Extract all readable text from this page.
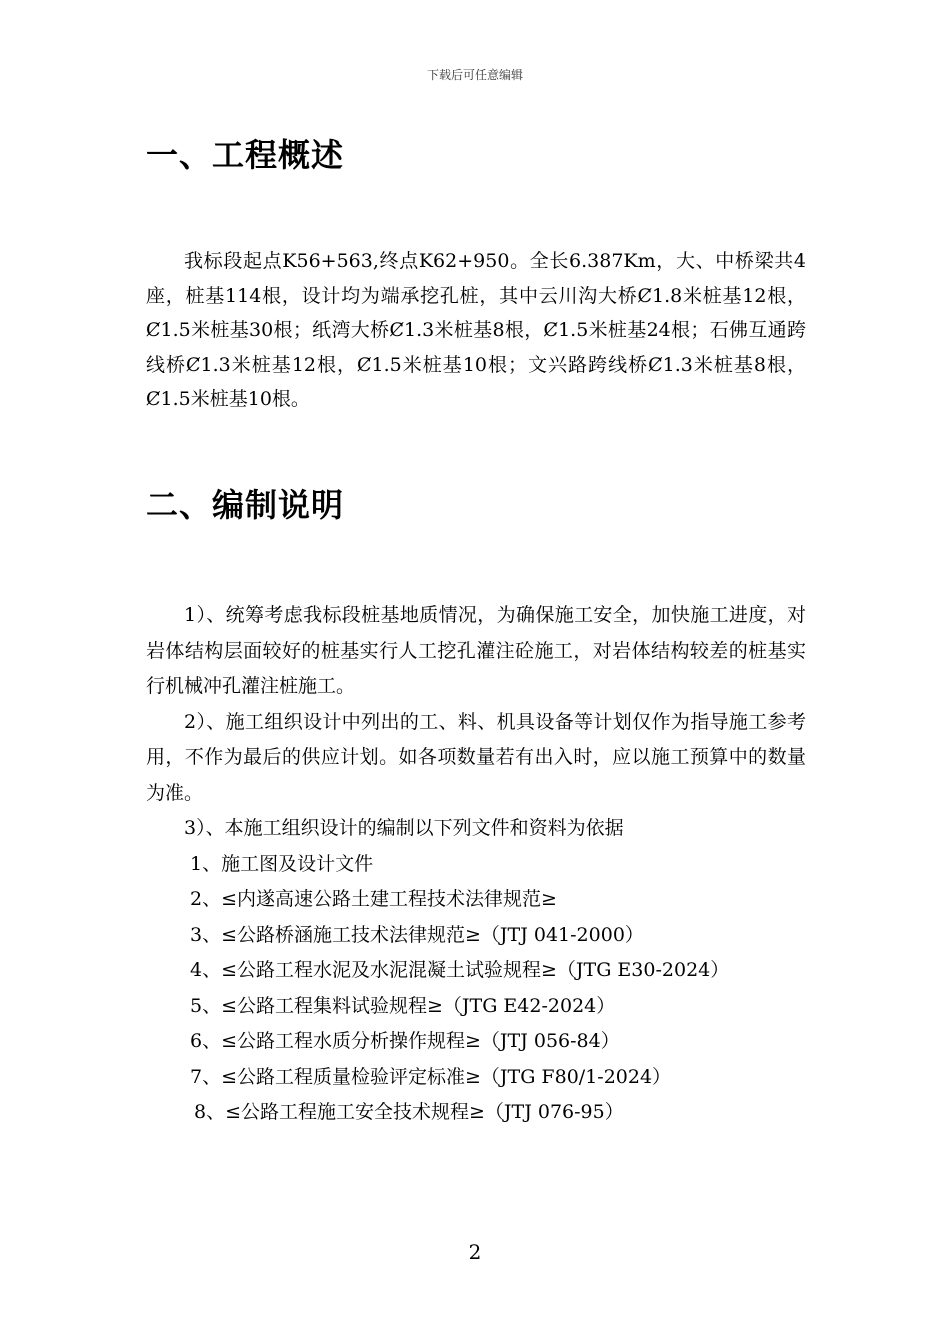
下载后可任意编辑
一、工程概述

我标段起点K56+563,终点K62+950。全长6.387Km，大、中桥梁共4座，桩基114根，设计均为端承挖孔桩，其中云川沟大桥Ȼ1.8米桩基12根，Ȼ1.5米桩基30根；纸湾大桥Ȼ1.3米桩基8根，Ȼ1.5米桩基24根；石佛互通跨线桥Ȼ1.3米桩基12根，Ȼ1.5米桩基10根；文兴路跨线桥Ȼ1.3米桩基8根，Ȼ1.5米桩基10根。

二、编制说明
1）、统筹考虑我标段桩基地质情况，为确保施工安全，加快施工进度，对岩体结构层面较好的桩基实行人工挖孔灌注砼施工，对岩体结构较差的桩基实行机械冲孔灌注桩施工。
2）、施工组织设计中列出的工、料、机具设备等计划仅作为指导施工参考用，不作为最后的供应计划。如各项数量若有出入时，应以施工预算中的数量为准。
3）、本施工组织设计的编制以下列文件和资料为依据
1、施工图及设计文件
2、≤内遂高速公路土建工程技术法律规范≥
3、≤公路桥涵施工技术法律规范≥（JTJ 041-2000）
4、≤公路工程水泥及水泥混凝土试验规程≥（JTG E30-2024）
5、≤公路工程集料试验规程≥（JTG E42-2024）
6、≤公路工程水质分析操作规程≥（JTJ 056-84）
7、≤公路工程质量检验评定标准≥（JTG F80/1-2024）
8、≤公路工程施工安全技术规程≥（JTJ 076-95）
2
